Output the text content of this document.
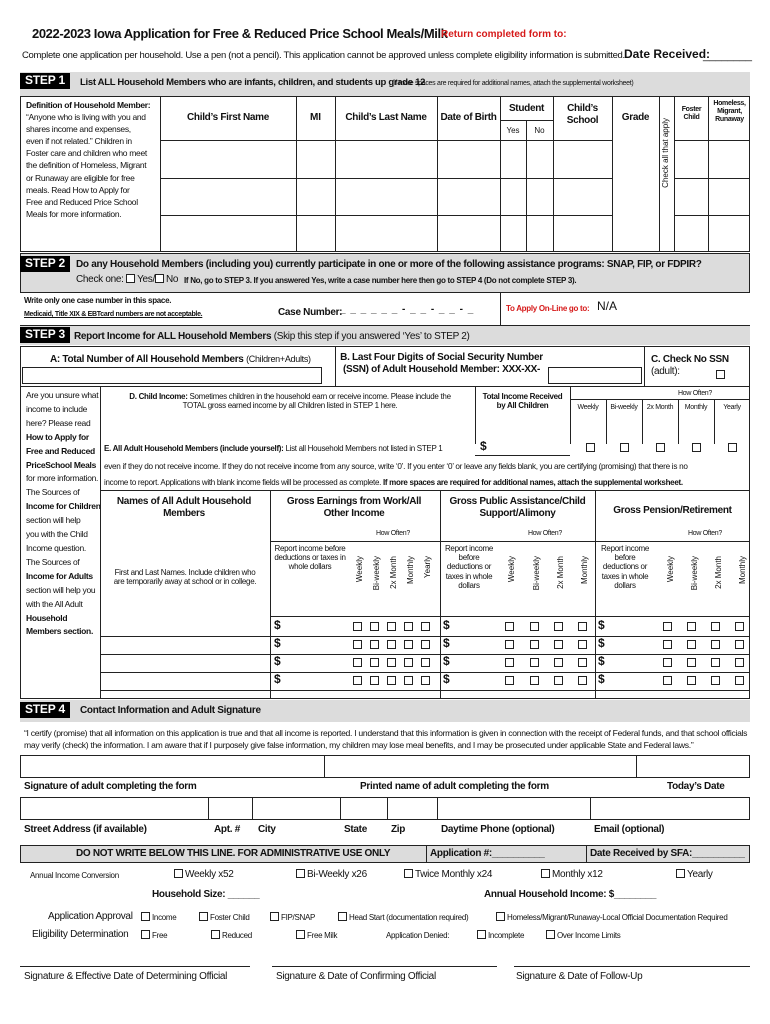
2022-2023 Iowa Application for Free & Reduced Price School Meals/Milk
Return completed form to:
Complete one application per household. Use a pen (not a pencil). This application cannot be approved unless complete eligibility information is submitted. Date Received:
________
STEP 1	List ALL Household Members who are infants, children, and students up grade 12
(if more spaces are required for additional names, attach the supplemental worksheet)
Definition of Household Member:
“Anyone who is living with you and
shares income and expenses,
even if not related.” Children in
Foster care and children who meet
the definition of Homeless, Migrant
or Runaway are eligible for free
meals. Read How to Apply for
Free and Reduced Price School
Meals for more information.
Child’s First Name	MI	Child’s Last Name	Date of Birth
Student
Yes	No
Child’s
School	Grade
Check all that apply
Foster Child
Homeless, Migrant, Runaway
STEP 2	Do any Household Members (including you) currently participate in one or more of the following assistance programs: SNAP, FIP, or FDPIR?
Check one: Yes/ No If No, go to STEP 3. If you answered Yes, write a case number here then go to STEP 4 (Do not complete STEP 3).
Write only one case number in this space.
Medicaid, Title XIX & EBTcard numbers are not acceptable.	Case Number:
_ _ _ _ _ _ - _ _ - _ _ - _	To Apply On-Line go to: N/A
STEP 3 Report Income for ALL Household Members (Skip this step if you answered ‘Yes’ to STEP 2)
A: Total Number of All Household Members (Children+Adults)	B. Last Four Digits of Social Security Number
(SSN) of Adult Household Member: XXX-XX-
C. Check No SSN
(adult):
Are you unsure what
income to include
here? Please read
How to Apply for
Free and Reduced
PriceSchool Meals
for more information.
The Sources of
Income for Children
section will help
you with the Child
Income question.
The Sources of
Income for Adults
section will help you
with the All Adult
Household
Members section.
D. Child Income: Sometimes children in the household earn or receive income. Please include the
TOTAL gross earned income by all Children listed in STEP 1 here.
Total Income Received
by All Children
How Often?
Weekly	Bi-weekly	2x Month	Monthly	Yearly
E. All Adult Household Members (include yourself): List all Household Members not listed in STEP 1	$
even if they do not receive income. If they do not receive income from any source, write ‘0’. If you enter ‘0’ or leave any fields blank, you are certifying (promising) that there is no
income to report. Applications with blank income fields will be processed as complete. If more spaces are required for additional names, attach the supplemental worksheet.
Names of All Adult Household
Members
Gross Earnings from Work/All
Other Income
Gross Public Assistance/Child
Support/Alimony	Gross Pension/Retirement
How Often?	How Often?	How Often?
First and Last Names. Include children who are temporarily away at school or in college.
Report income before deductions or taxes in whole dollars
Report income before deductions or taxes in whole dollars
Report income before deductions or taxes in whole dollars
Weekly Bi-weekly 2x Month Monthly Yearly	Weekly Bi-weekly 2x Month Monthly	Weekly Bi-weekly 2x Month Monthly
$	$	$
$	$	$
$	$	$
$	$	$
STEP 4	Contact Information and Adult Signature
“I certify (promise) that all information on this application is true and that all income is reported. I understand that this information is given in connection with the receipt of Federal funds, and that school officials may verify (check) the information. I am aware that if I purposely give false information, my children may lose meal benefits, and I may be prosecuted under applicable State and Federal laws.”
Signature of adult completing the form	Printed name of adult completing the form	Today’s Date
Street Address (if available)	Apt. # City	State Zip	Daytime Phone (optional)	Email (optional)
DO NOT WRITE BELOW THIS LINE. FOR ADMINISTRATIVE USE ONLY	Application #:__________	Date Received by SFA:__________
Annual Income Conversion	Weekly x52	Bi-Weekly x26	Twice Monthly x24	Monthly x12	Yearly
Household Size: ______	Annual Household Income: $________
Application Approval
Eligibility Determination
Income	Foster Child	FIP/SNAP	Head Start (documentation required)	Homeless/Migrant/Runaway-Local Official Documentation Required
Free	Reduced	Free Milk	Application Denied:	Incomplete	Over Income Limits
Signature & Effective Date of Determining Official	Signature & Date of Confirming Official	Signature & Date of Follow-Up
